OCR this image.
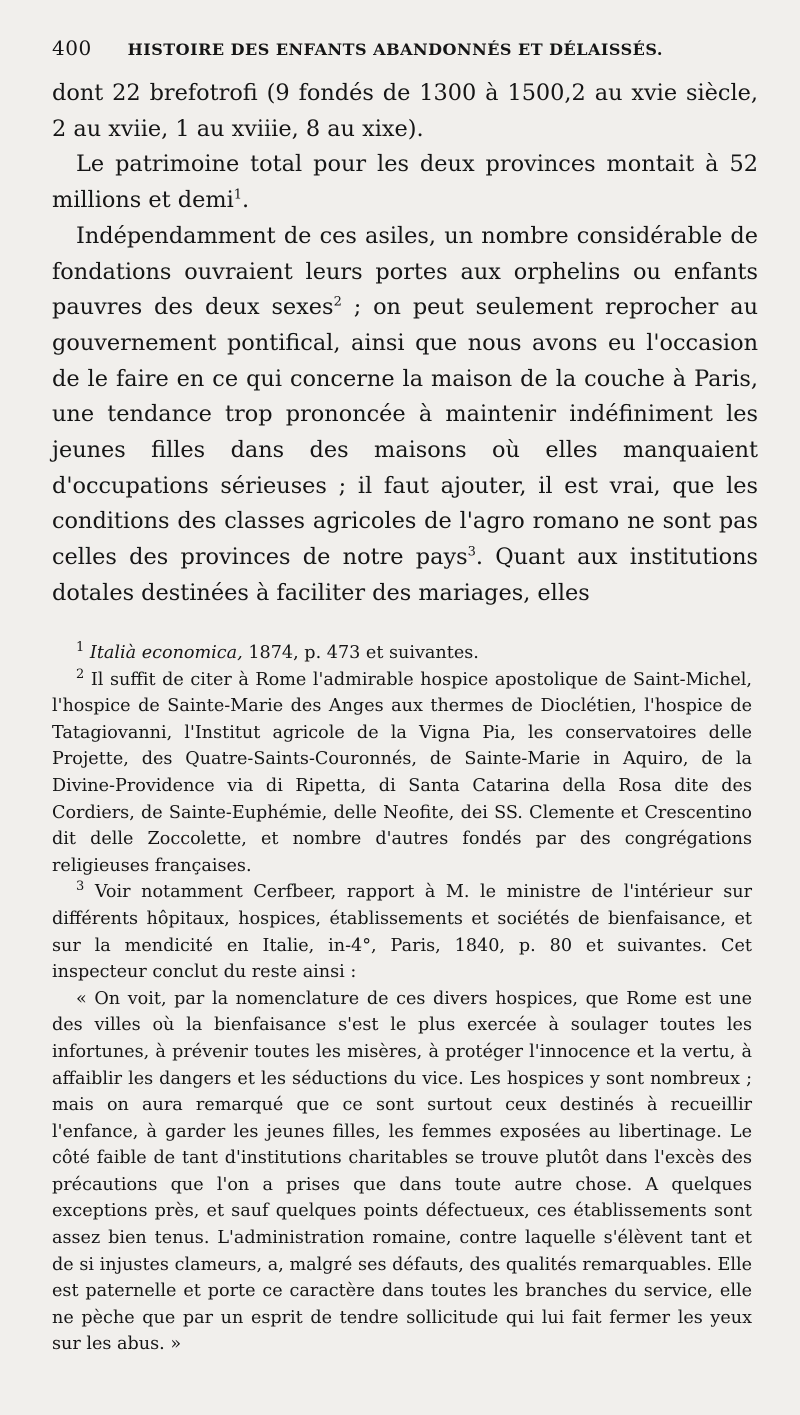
400 HISTOIRE DES ENFANTS ABANDONNÉS ET DÉLAISSÉS.

dont 22 brefotrofi (9 fondés de 1300 à 1500,2 au xvie siècle, 2 au xviie, 1 au xviiie, 8 au xixe).

Le patrimoine total pour les deux provinces montait à 52 millions et demi$^1$.

Indépendamment de ces asiles, un nombre considérable de fondations ouvraient leurs portes aux orphelins ou enfants pauvres des deux sexes$^2$ ; on peut seulement reprocher au gouvernement pontifical, ainsi que nous avons eu l'occasion de le faire en ce qui concerne la maison de la couche à Paris, une tendance trop prononcée à maintenir indéfiniment les jeunes filles dans des maisons où elles manquaient d'occupations sérieuses ; il faut ajouter, il est vrai, que les conditions des classes agricoles de l'agro romano ne sont pas celles des provinces de notre pays$^3$. Quant aux institutions dotales destinées à faciliter des mariages, elles

$^1$ Italià economica, 1874, p. 473 et suivantes.

$^2$ Il suffit de citer à Rome l'admirable hospice apostolique de Saint-Michel, l'hospice de Sainte-Marie des Anges aux thermes de Dioclétien, l'hospice de Tatagiovanni, l'Institut agricole de la Vigna Pia, les conservatoires delle Projette, des Quatre-Saints-Couronnés, de Sainte-Marie in Aquiro, de la Divine-Providence via di Ripetta, di Santa Catarina della Rosa dite des Cordiers, de Sainte-Euphémie, delle Neofite, dei SS. Clemente et Crescentino dit delle Zoccolette, et nombre d'autres fondés par des congrégations religieuses françaises.

$^3$ Voir notamment Cerfbeer, rapport à M. le ministre de l'intérieur sur différents hôpitaux, hospices, établissements et sociétés de bienfaisance, et sur la mendicité en Italie, in-4°, Paris, 1840, p. 80 et suivantes. Cet inspecteur conclut du reste ainsi :

« On voit, par la nomenclature de ces divers hospices, que Rome est une des villes où la bienfaisance s'est le plus exercée à soulager toutes les infortunes, à prévenir toutes les misères, à protéger l'innocence et la vertu, à affaiblir les dangers et les séductions du vice. Les hospices y sont nombreux ; mais on aura remarqué que ce sont surtout ceux destinés à recueillir l'enfance, à garder les jeunes filles, les femmes exposées au libertinage. Le côté faible de tant d'institutions charitables se trouve plutôt dans l'excès des précautions que l'on a prises que dans toute autre chose. A quelques exceptions près, et sauf quelques points défectueux, ces établissements sont assez bien tenus. L'administration romaine, contre laquelle s'élèvent tant et de si injustes clameurs, a, malgré ses défauts, des qualités remarquables. Elle est paternelle et porte ce caractère dans toutes les branches du service, elle ne pèche que par un esprit de tendre sollicitude qui lui fait fermer les yeux sur les abus. »
